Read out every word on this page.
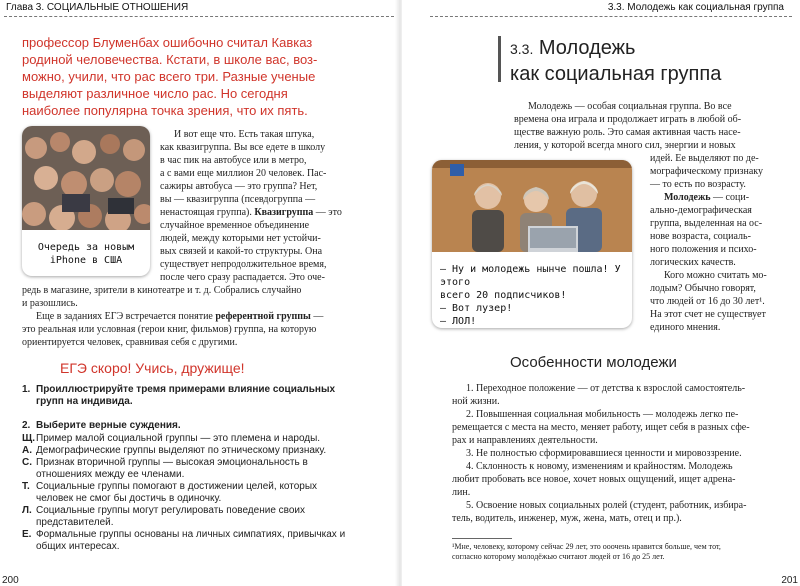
Глава 3. СОЦИАЛЬНЫЕ ОТНОШЕНИЯ
профессор Блуменбах ошибочно считал Кавказ
родиной человечества. Кстати, в школе вас, воз-
можно, учили, что рас всего три. Разные ученые
выделяют различное число рас. Но сегодня
наиболее популярна точка зрения, что их пять.
Очередь за новым
iPhone в США
И вот еще что. Есть такая штука,
как квазигруппа. Вы все едете в школу
в час пик на автобусе или в метро,
а с вами еще миллион 20 человек. Пас-
сажиры автобуса — это группа? Нет,
вы — квазигруппа (псевдогруппа —
ненастоящая группа). Квазигруппа — это
случайное временное объединение
людей, между которыми нет устойчи-
вых связей и какой-то структуры. Она
существует непродолжительное время,
после чего сразу распадается. Это оче-
редь в магазине, зрители в кинотеатре и т. д. Собрались случайно
и разошлись.
Еще в заданиях ЕГЭ встречается понятие референтной группы —
это реальная или условная (герои книг, фильмов) группа, на которую
ориентируется человек, сравнивая себя с другими.
ЕГЭ скоро! Учись, дружище!
1. Проиллюстрируйте тремя примерами влияние социальных групп на индивида.
2. Выберите верные суждения.
Щ. Пример малой социальной группы — это племена и народы.
А. Демографические группы выделяют по этническому признаку.
С. Признак вторичной группы — высокая эмоциональность в отношениях между ее членами.
Т. Социальные группы помогают в достижении целей, которых человек не смог бы достичь в одиночку.
Л. Социальные группы могут регулировать поведение своих представителей.
Е. Формальные группы основаны на личных симпатиях, привычках и общих интересах.
200
3.3. Молодежь как социальная группа
3.3. Молодежь
как социальная группа
Молодежь — особая социальная группа. Во все
времена она играла и продолжает играть в любой об-
ществе важную роль. Это самая активная часть насе-
ления, у которой всегда много сил, энергии и новых
– Ну и молодежь нынче пошла! У этого
всего 20 подписчиков!
– Вот лузер!
– ЛОЛ!
идей. Ее выделяют по де-
мографическому признаку
— то есть по возрасту.
Молодежь — соци-
ально-демографическая
группа, выделенная на ос-
нове возраста, социаль-
ного положения и психо-
логических качеств.
Кого можно считать мо-
лодым? Обычно говорят,
что людей от 16 до 30 лет¹.
На этот счет не существует
единого мнения.
Особенности молодежи
1. Переходное положение — от детства к взрослой самостоятель-
ной жизни.
2. Повышенная социальная мобильность — молодежь легко пе-
ремещается с места на место, меняет работу, ищет себя в разных сфе-
рах и направлениях деятельности.
3. Не полностью сформировавшиеся ценности и мировоззрение.
4. Склонность к новому, изменениям и крайностям. Молодежь
любит пробовать все новое, хочет новых ощущений, ищет адрена-
лин.
5. Освоение новых социальных ролей (студент, работник, избира-
тель, водитель, инженер, муж, жена, мать, отец и пр.).
¹Мне, человеку, которому сейчас 29 лет, это ооочень нравится больше, чем тот,
согласно которому молодёжью считают людей от 16 до 25 лет.
201
